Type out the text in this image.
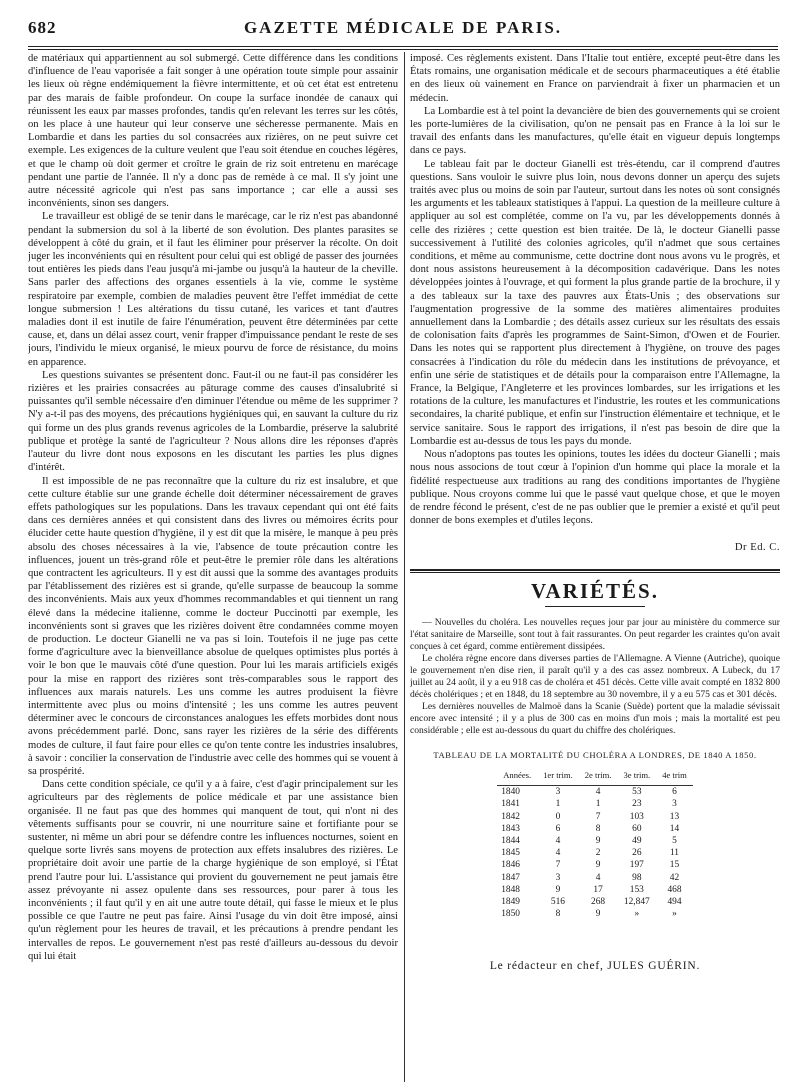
682	GAZETTE MÉDICALE DE PARIS.

de matériaux qui appartiennent au sol submergé. Cette différence dans les conditions d'influence de l'eau vaporisée a fait songer à une opération toute simple pour assainir les lieux où règne endémiquement la fièvre intermittente, et où cet état est entretenu par des marais de faible profondeur. On coupe la surface inondée de canaux qui réunissent les eaux par masses profondes, tandis qu'en relevant les terres sur les côtés, on les place à une hauteur qui leur conserve une sécheresse permanente. Mais en Lombardie et dans les parties du sol consacrées aux rizières, on ne peut suivre cet exemple. Les exigences de la culture veulent que l'eau soit étendue en couches légères, et que le champ où doit germer et croître le grain de riz soit entretenu en marécage pendant une partie de l'année. Il n'y a donc pas de remède à ce mal. Il s'y joint une autre nécessité agricole qui n'est pas sans importance ; car elle a aussi ses inconvénients, sinon ses dangers.

Le travailleur est obligé de se tenir dans le marécage, car le riz n'est pas abandonné pendant la submersion du sol à la liberté de son évolution. Des plantes parasites se développent à côté du grain, et il faut les éliminer pour préserver la récolte. On doit juger les inconvénients qui en résultent pour celui qui est obligé de passer des journées tout entières les pieds dans l'eau jusqu'à mi-jambe ou jusqu'à la hauteur de la cheville. Sans parler des affections des organes essentiels à la vie, comme le système respiratoire par exemple, combien de maladies peuvent être l'effet immédiat de cette longue submersion ! Les altérations du tissu cutané, les varices et tant d'autres maladies dont il est inutile de faire l'énumération, peuvent être déterminées par cette cause, et, dans un délai assez court, venir frapper d'impuissance pendant le reste de ses jours, l'individu le mieux organisé, le mieux pourvu de force de résistance, du moins en apparence.

Les questions suivantes se présentent donc. Faut-il ou ne faut-il pas considérer les rizières et les prairies consacrées au pâturage comme des causes d'insalubrité si puissantes qu'il semble nécessaire d'en diminuer l'étendue ou même de les supprimer ? N'y a-t-il pas des moyens, des précautions hygiéniques qui, en sauvant la culture du riz qui forme un des plus grands revenus agricoles de la Lombardie, préserve la salubrité publique et protège la santé de l'agriculteur ? Nous allons dire les réponses d'après l'auteur du livre dont nous exposons en les discutant les parties les plus dignes d'intérêt.

Il est impossible de ne pas reconnaître que la culture du riz est insalubre, et que cette culture établie sur une grande échelle doit déterminer nécessairement de graves effets pathologiques sur les populations. Dans les travaux cependant qui ont été faits dans ces dernières années et qui consistent dans des livres ou mémoires écrits pour élucider cette haute question d'hygiène, il y est dit que la misère, le manque à peu près absolu des choses nécessaires à la vie, l'absence de toute précaution contre les influences, jouent un très-grand rôle et peut-être le premier rôle dans les altérations que contractent les agriculteurs. Il y est dit aussi que la somme des avantages produits par l'établissement des rizières est si grande, qu'elle surpasse de beaucoup la somme des inconvénients. Mais aux yeux d'hommes recommandables et qui tiennent un rang élevé dans la médecine italienne, comme le docteur Puccinotti par exemple, les inconvénients sont si graves que les rizières doivent être condamnées comme moyen de production. Le docteur Gianelli ne va pas si loin. Toutefois il ne juge pas cette forme d'agriculture avec la bienveillance absolue de quelques optimistes plus portés à voir le bon que le mauvais côté d'une question. Pour lui les marais artificiels exigés pour la mise en rapport des rizières sont très-comparables sous le rapport des influences aux marais naturels. Les uns comme les autres produisent la fièvre intermittente avec plus ou moins d'intensité ; les uns comme les autres peuvent déterminer avec le concours de circonstances analogues les effets morbides dont nous avons précédemment parlé. Donc, sans rayer les rizières de la série des différents modes de culture, il faut faire pour elles ce qu'on tente contre les industries insalubres, à savoir : concilier la conservation de l'industrie avec celle des hommes qui se vouent à sa prospérité.

Dans cette condition spéciale, ce qu'il y a à faire, c'est d'agir principalement sur les agriculteurs par des règlements de police médicale et par une assistance bien organisée. Il ne faut pas que des hommes qui manquent de tout, qui n'ont ni des vêtements suffisants pour se couvrir, ni une nourriture saine et fortifiante pour se sustenter, ni même un abri pour se défendre contre les influences nocturnes, soient en quelque sorte livrés sans moyens de protection aux effets insalubres des rizières. Le propriétaire doit avoir une partie de la charge hygiénique de son employé, si l'État prend l'autre pour lui. L'assistance qui provient du gouvernement ne peut jamais être assez prévoyante ni assez opulente dans ses ressources, pour parer à tous les inconvénients ; il faut qu'il y en ait une autre toute détail, qui fasse le mieux et le plus possible ce que l'autre ne peut pas faire. Ainsi l'usage du vin doit être imposé, ainsi qu'un règlement pour les heures de travail, et les précautions à prendre pendant les intervalles de repos. Le gouvernement n'est pas resté d'ailleurs au-dessous du devoir qui lui était

imposé. Ces règlements existent. Dans l'Italie tout entière, excepté peut-être dans les États romains, une organisation médicale et de secours pharmaceutiques a été établie en des lieux où vainement en France on parviendrait à fixer un pharmacien et un médecin.

La Lombardie est à tel point la devancière de bien des gouvernements qui se croient les porte-lumières de la civilisation, qu'on ne pensait pas en France à la loi sur le travail des enfants dans les manufactures, qu'elle était en vigueur depuis longtemps dans ce pays.

Le tableau fait par le docteur Gianelli est très-étendu, car il comprend d'autres questions. Sans vouloir le suivre plus loin, nous devons donner un aperçu des sujets traités avec plus ou moins de soin par l'auteur, surtout dans les notes où sont consignés les arguments et les tableaux statistiques à l'appui. La question de la meilleure culture à appliquer au sol est complétée, comme on l'a vu, par les développements donnés à celle des rizières ; cette question est bien traitée. De là, le docteur Gianelli passe successivement à l'utilité des colonies agricoles, qu'il n'admet que sous certaines conditions, et même au communisme, cette doctrine dont nous avons vu le progrès, et dont nous assistons heureusement à la décomposition cadavérique. Dans les notes développées jointes à l'ouvrage, et qui forment la plus grande partie de la brochure, il y a des tableaux sur la taxe des pauvres aux États-Unis ; des observations sur l'augmentation progressive de la somme des matières alimentaires produites annuellement dans la Lombardie ; des détails assez curieux sur les résultats des essais de colonisation faits d'après les programmes de Saint-Simon, d'Owen et de Fourier. Dans les notes qui se rapportent plus directement à l'hygiène, on trouve des pages consacrées à l'indication du rôle du médecin dans les institutions de prévoyance, et enfin une série de statistiques et de détails pour la comparaison entre l'Allemagne, la France, la Belgique, l'Angleterre et les provinces lombardes, sur les irrigations et les rotations de la culture, les manufactures et l'industrie, les routes et les communications secondaires, la charité publique, et enfin sur l'instruction élémentaire et technique, et le service sanitaire. Sous le rapport des irrigations, il n'est pas besoin de dire que la Lombardie est au-dessus de tous les pays du monde.

Nous n'adoptons pas toutes les opinions, toutes les idées du docteur Gianelli ; mais nous nous associons de tout cœur à l'opinion d'un homme qui place la morale et la fidélité respectueuse aux traditions au rang des conditions importantes de l'hygiène publique. Nous croyons comme lui que le passé vaut quelque chose, et que le moyen de rendre fécond le présent, c'est de ne pas oublier que le premier a existé et qu'il peut donner de bons exemples et d'utiles leçons.

Dr Ed. C.
VARIÉTÉS.

— Nouvelles du choléra. Les nouvelles reçues jour par jour au ministère du commerce sur l'état sanitaire de Marseille, sont tout à fait rassurantes. On peut regarder les craintes qu'on avait conçues à cet égard, comme entièrement dissipées.

Le choléra règne encore dans diverses parties de l'Allemagne. A Vienne (Autriche), quoique le gouvernement n'en dise rien, il paraît qu'il y a des cas assez nombreux. A Lubeck, du 17 juillet au 24 août, il y a eu 918 cas de choléra et 451 décès. Cette ville avait compté en 1832 800 décès cholériques ; et en 1848, du 18 septembre au 30 novembre, il y a eu 575 cas et 301 décès.

Les dernières nouvelles de Malmoë dans la Scanie (Suède) portent que la maladie sévissait encore avec intensité ; il y a plus de 300 cas en moins d'un mois ; mais la mortalité est peu considérable ; elle est au-dessous du quart du chiffre des cholériques.

TABLEAU DE LA MORTALITÉ DU CHOLÉRA A LONDRES, DE 1840 A 1850.
Années.	1er trim.	2e trim.	3e trim.	4e trim
1840	3	4	53	6
1841	1	1	23	3
1842	0	7	103	13
1843	6	8	60	14
1844	4	9	49	5
1845	4	2	26	11
1846	7	9	197	15
1847	3	4	98	42
1848	9	17	153	468
1849	516	268	12,847	494
1850	8	9	»	»
Le rédacteur en chef, JULES GUÉRIN.
